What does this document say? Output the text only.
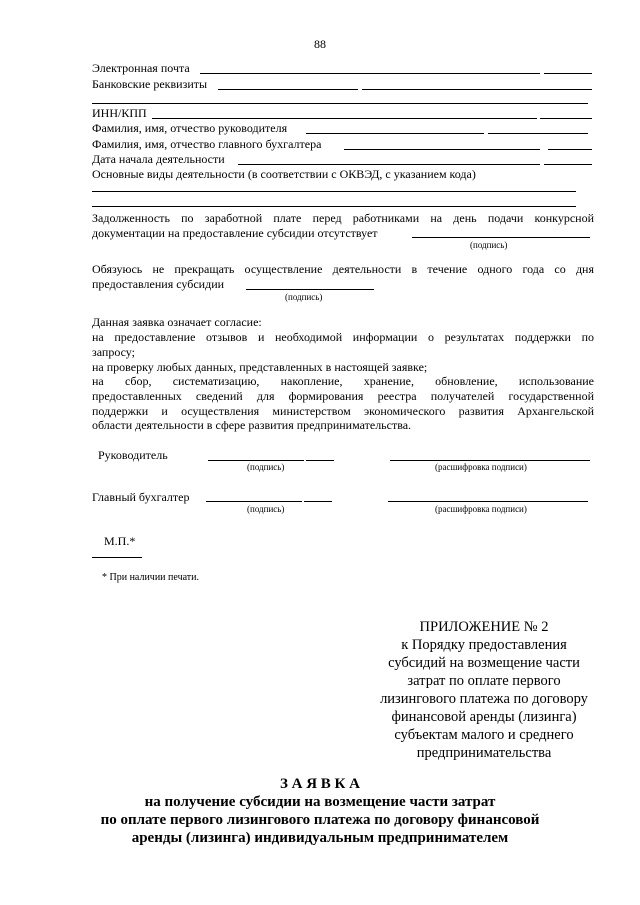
88
Электронная почта
Банковские реквизиты
ИНН/КПП
Фамилия, имя, отчество руководителя
Фамилия, имя, отчество главного бухгалтера
Дата начала деятельности
Основные виды деятельности (в соответствии с ОКВЭД, с указанием кода)
Задолженность по заработной плате перед работниками на день подачи конкурсной
документации на предоставление субсидии отсутствует
(подпись)
Обязуюсь не прекращать осуществление деятельности в течение одного года со дня
предоставления субсидии
(подпись)
Данная заявка означает согласие:
на предоставление отзывов и необходимой информации о результатах поддержки по
запросу;
на проверку любых данных, представленных в настоящей заявке;
на сбор, систематизацию, накопление, хранение, обновление, использование
предоставленных сведений для формирования реестра получателей государственной
поддержки и осуществления министерством экономического развития Архангельской
области деятельности в сфере развития предпринимательства.
Руководитель
(подпись)	(расшифровка подписи)
Главный бухгалтер
(подпись)	(расшифровка подписи)
М.П.*
* При наличии печати.
ПРИЛОЖЕНИЕ № 2
к Порядку предоставления
субсидий на возмещение части
затрат по оплате первого
лизингового платежа по договору
финансовой аренды (лизинга)
субъектам малого и среднего
предпринимательства
З А Я В К А
на получение субсидии на возмещение части затрат
по оплате первого лизингового платежа по договору финансовой
аренды (лизинга) индивидуальным предпринимателем
